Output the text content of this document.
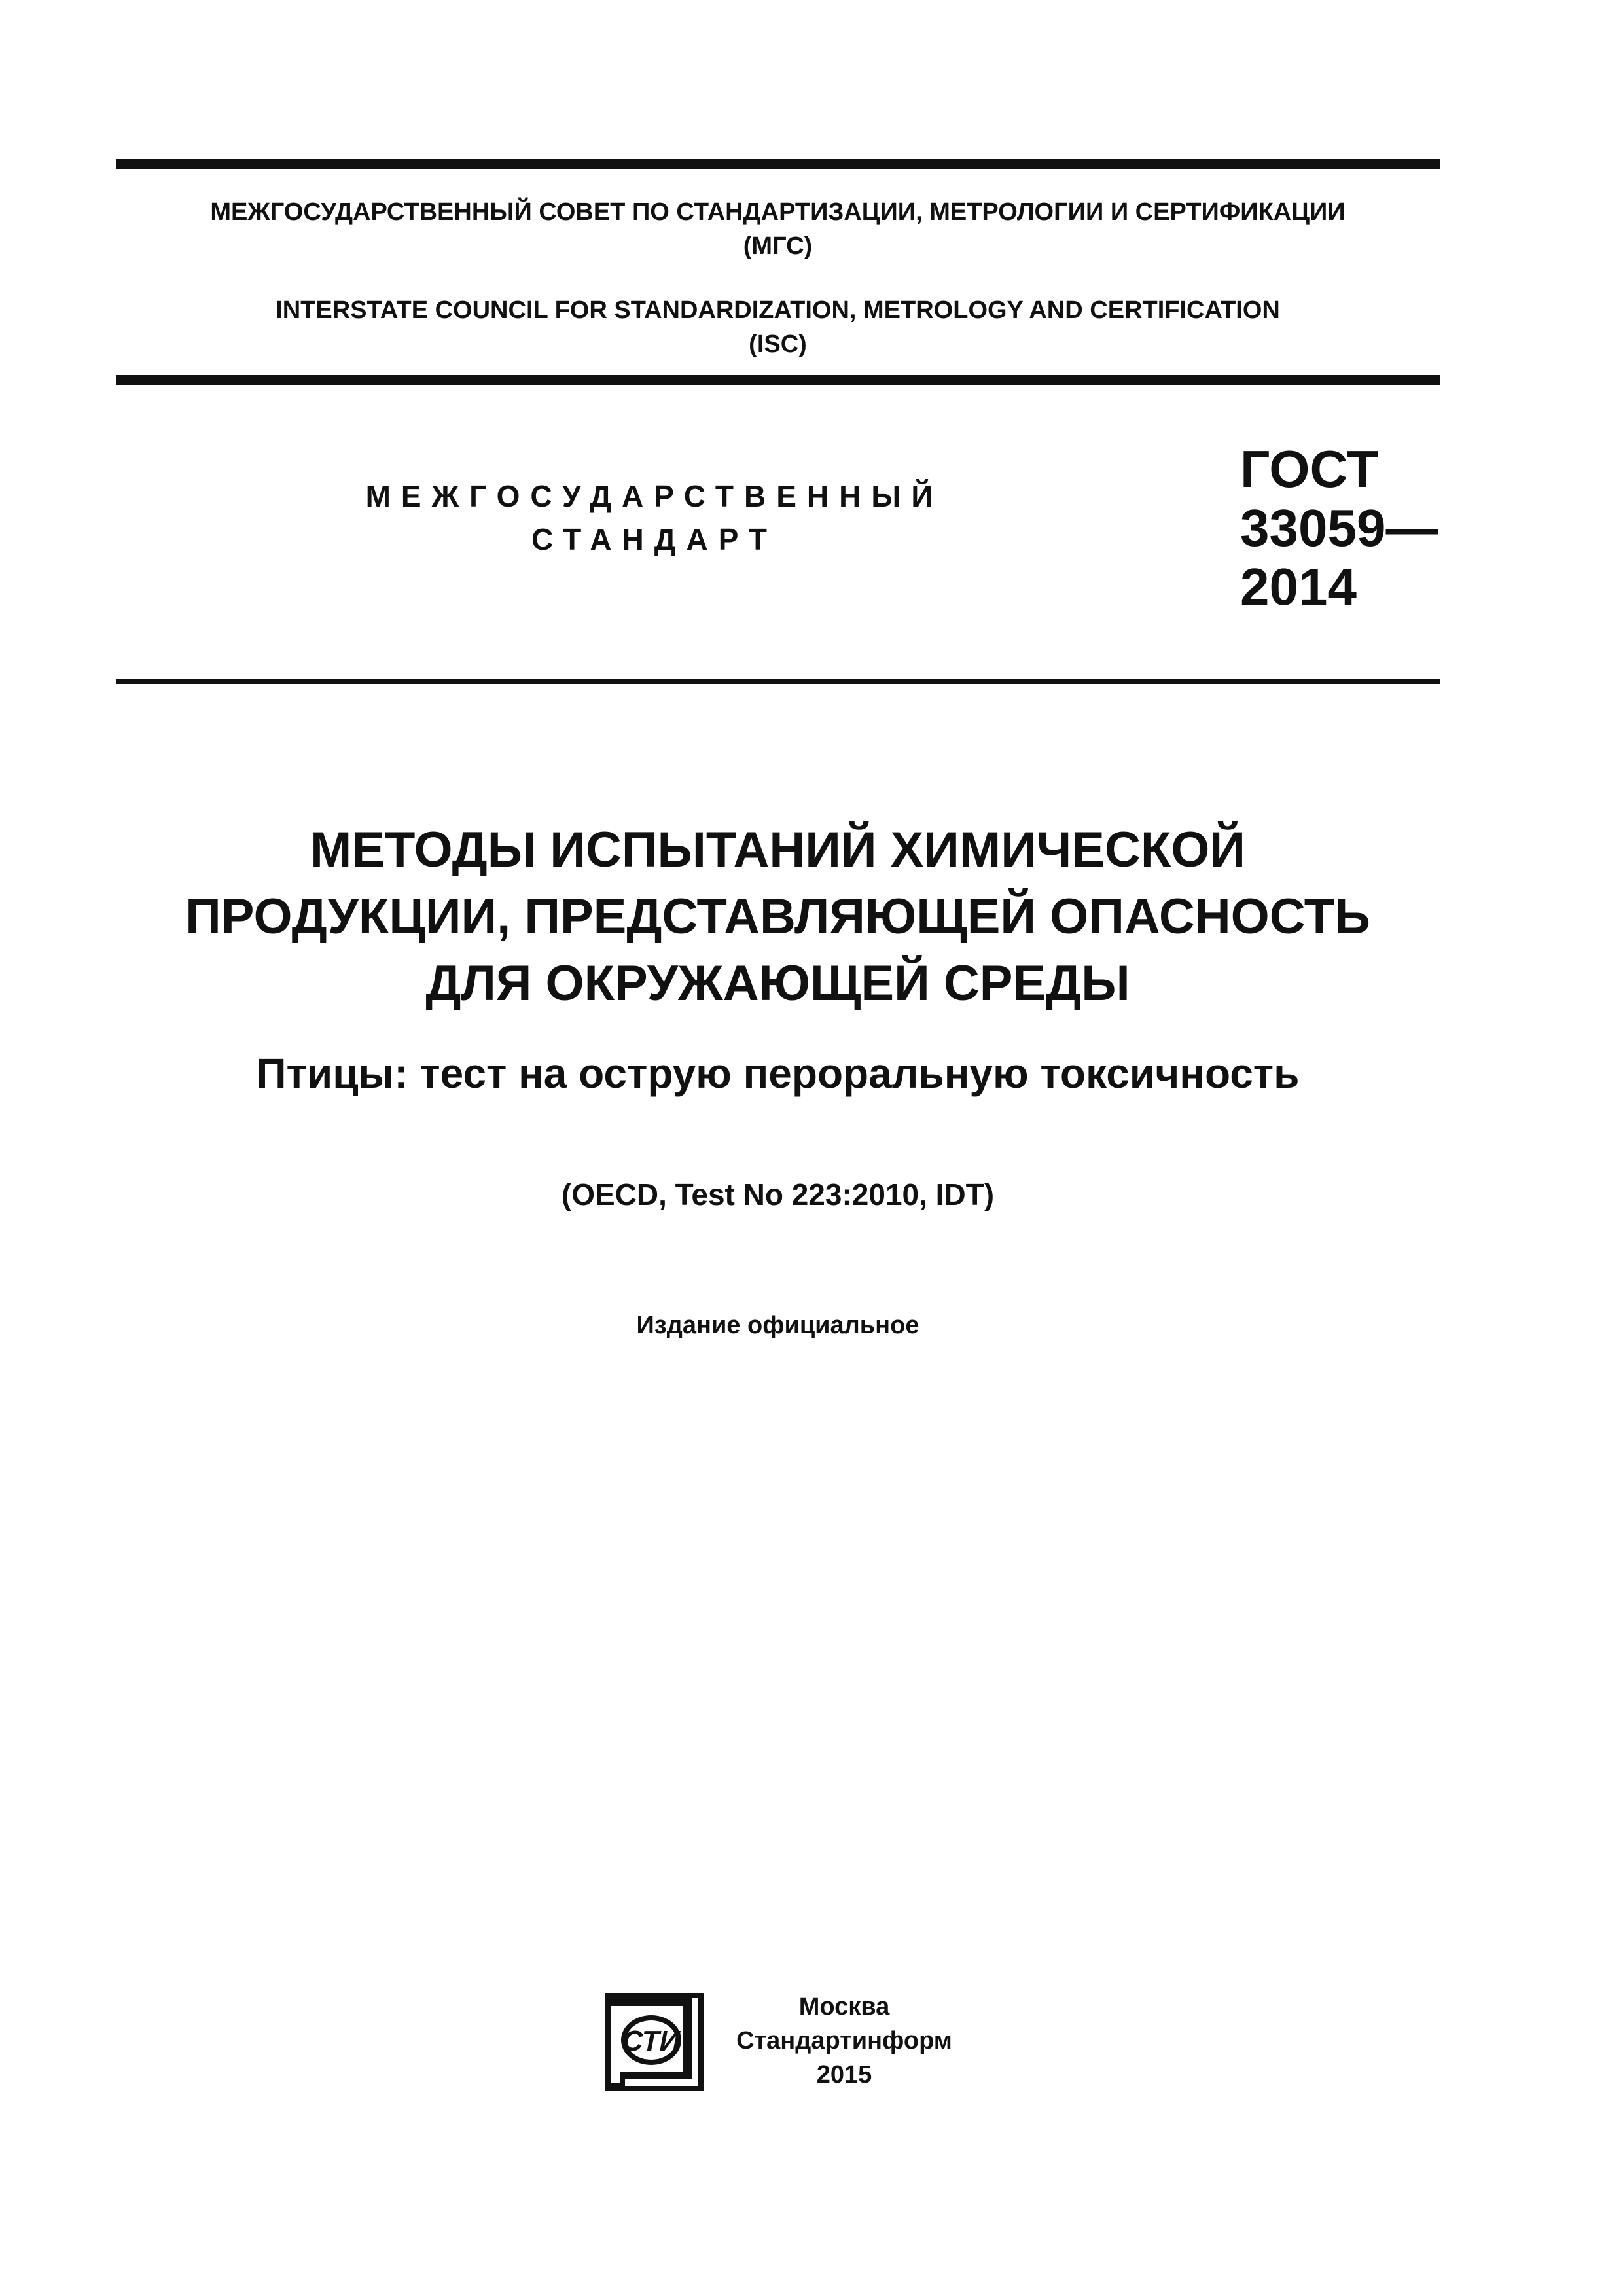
МЕЖГОСУДАРСТВЕННЫЙ СОВЕТ ПО СТАНДАРТИЗАЦИИ, МЕТРОЛОГИИ И СЕРТИФИКАЦИИ
(МГС)
INTERSTATE COUNCIL FOR STANDARDIZATION, METROLOGY AND CERTIFICATION
(ISC)
МЕЖГОСУДАРСТВЕННЫЙ
СТАНДАРТ
ГОСТ
33059—
2014
МЕТОДЫ ИСПЫТАНИЙ ХИМИЧЕСКОЙ
ПРОДУКЦИИ, ПРЕДСТАВЛЯЮЩЕЙ ОПАСНОСТЬ
ДЛЯ ОКРУЖАЮЩЕЙ СРЕДЫ
Птицы: тест на острую пероральную токсичность
(OECD, Test No 223:2010, IDT)
Издание официальное
СТИ
Москва
Стандартинформ
2015
